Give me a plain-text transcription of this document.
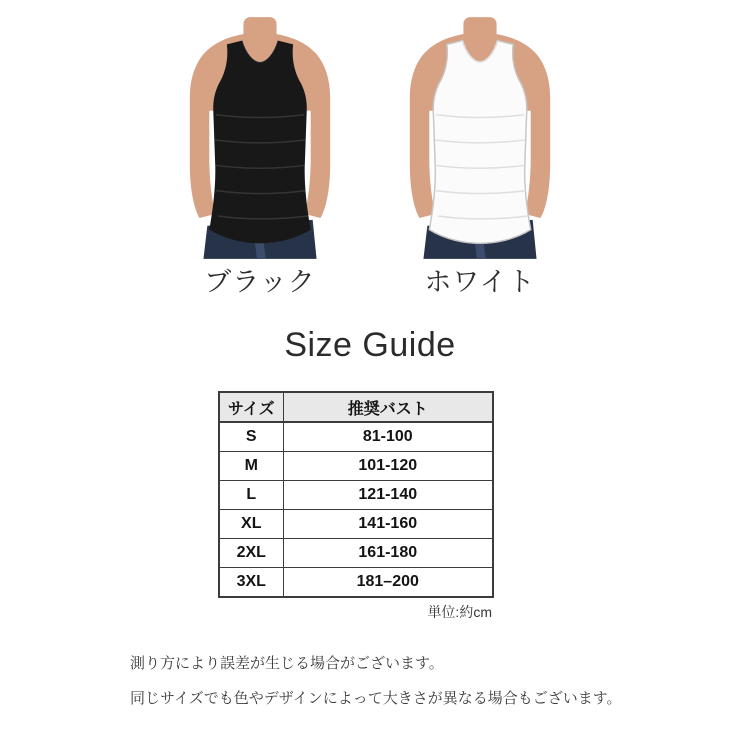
ブラック	ホワイト
Size Guide
サイズ	推奨バスト
S	81-100
M	101-120
L	121-140
XL	141-160
2XL	161-180
3XL	181–200
単位:約cm

測り方により誤差が生じる場合がございます。

同じサイズでも色やデザインによって大きさが異なる場合もございます。
